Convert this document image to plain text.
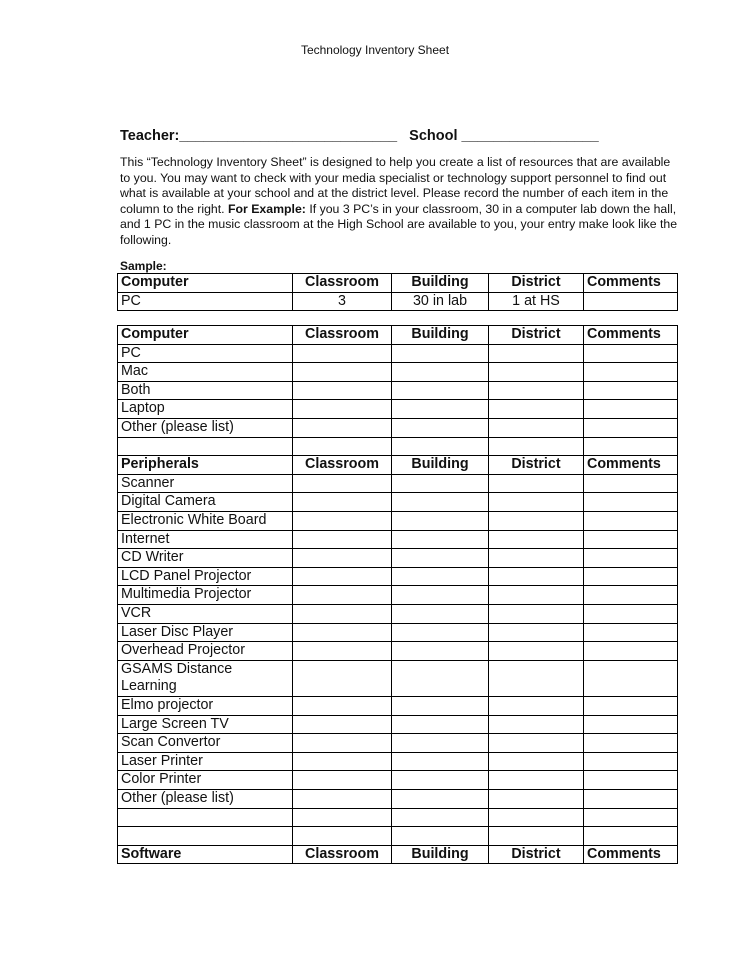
Technology Inventory Sheet
Teacher:___________________________   School _________________
This “Technology Inventory Sheet” is designed to help you create a list of resources that are available to you. You may want to check with your media specialist or technology support personnel to find out what is available at your school and at the district level. Please record the number of each item in the column to the right. For Example: If you 3 PC’s in your classroom, 30 in a computer lab down the hall, and 1 PC in the music classroom at the High School are available to you, your entry make look like the following.
Sample:
Computer	Classroom	Building	District	Comments
PC	3	30 in lab	1 at HS	
Computer	Classroom	Building	District	Comments
PC				
Mac				
Both				
Laptop				
Other (please list)				

Peripherals	Classroom	Building	District	Comments
Scanner				
Digital Camera				
Electronic White Board				
Internet				
CD Writer				
LCD Panel Projector				
Multimedia Projector				
VCR				
Laser Disc Player				
Overhead Projector				
GSAMS Distance Learning				
Elmo projector				
Large Screen TV				
Scan Convertor				
Laser Printer				
Color Printer				
Other (please list)				

Software	Classroom	Building	District	Comments
